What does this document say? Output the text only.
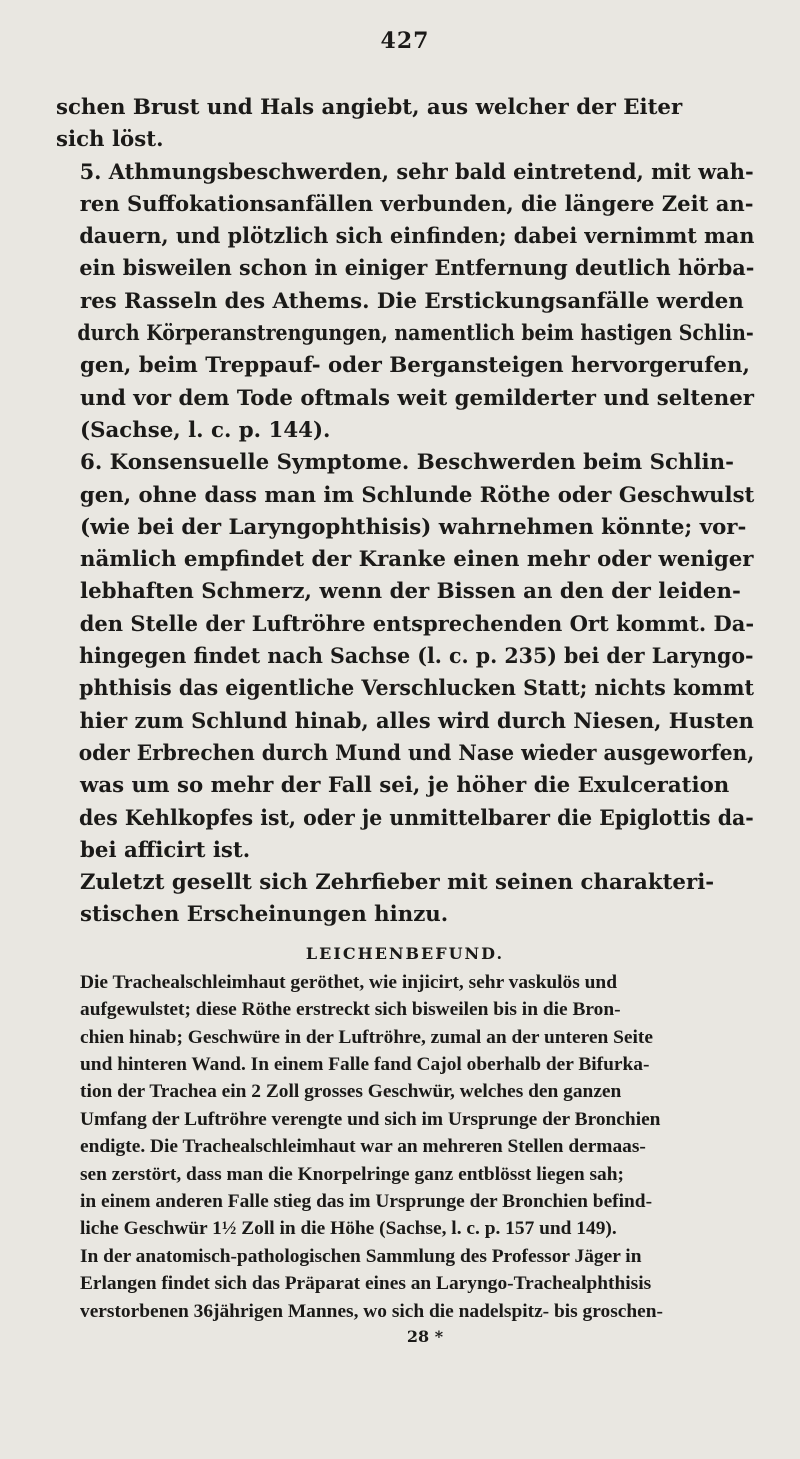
427

schen Brust und Hals angiebt, aus welcher der Eiter
sich löst.

5. Athmungsbeschwerden, sehr bald eintretend, mit wah-
ren Suffokationsanfällen verbunden, die längere Zeit an-
dauern, und plötzlich sich einfinden; dabei vernimmt man
ein bisweilen schon in einiger Entfernung deutlich hörba-
res Rasseln des Athems. Die Erstickungsanfälle werden
durch Körperanstrengungen, namentlich beim hastigen Schlin-
gen, beim Treppauf- oder Bergansteigen hervorgerufen,
und vor dem Tode oftmals weit gemilderter und seltener
(Sachse, l. c. p. 144).

6. Konsensuelle Symptome. Beschwerden beim Schlin-
gen, ohne dass man im Schlunde Röthe oder Geschwulst
(wie bei der Laryngophthisis) wahrnehmen könnte; vor-
nämlich empfindet der Kranke einen mehr oder weniger
lebhaften Schmerz, wenn der Bissen an den der leiden-
den Stelle der Luftröhre entsprechenden Ort kommt. Da-
hingegen findet nach Sachse (l. c. p. 235) bei der Laryngo-
phthisis das eigentliche Verschlucken Statt; nichts kommt
hier zum Schlund hinab, alles wird durch Niesen, Husten
oder Erbrechen durch Mund und Nase wieder ausgeworfen,
was um so mehr der Fall sei, je höher die Exulceration
des Kehlkopfes ist, oder je unmittelbarer die Epiglottis da-
bei afficirt ist.

Zuletzt gesellt sich Zehrfieber mit seinen charakteri-
stischen Erscheinungen hinzu.

LEICHENBEFUND.

Die Trachealschleimhaut geröthet, wie injicirt, sehr vaskulös und
aufgewulstet; diese Röthe erstreckt sich bisweilen bis in die Bron-
chien hinab; Geschwüre in der Luftröhre, zumal an der unteren Seite
und hinteren Wand. In einem Falle fand Cajol oberhalb der Bifurka-
tion der Trachea ein 2 Zoll grosses Geschwür, welches den ganzen
Umfang der Luftröhre verengte und sich im Ursprunge der Bronchien
endigte. Die Trachealschleimhaut war an mehreren Stellen dermaas-
sen zerstört, dass man die Knorpelringe ganz entblösst liegen sah;
in einem anderen Falle stieg das im Ursprunge der Bronchien befind-
liche Geschwür 1½ Zoll in die Höhe (Sachse, l. c. p. 157 und 149).
In der anatomisch-pathologischen Sammlung des Professor Jäger in
Erlangen findet sich das Präparat eines an Laryngo-Trachealphthisis
verstorbenen 36jährigen Mannes, wo sich die nadelspitz- bis groschen-

28 *
